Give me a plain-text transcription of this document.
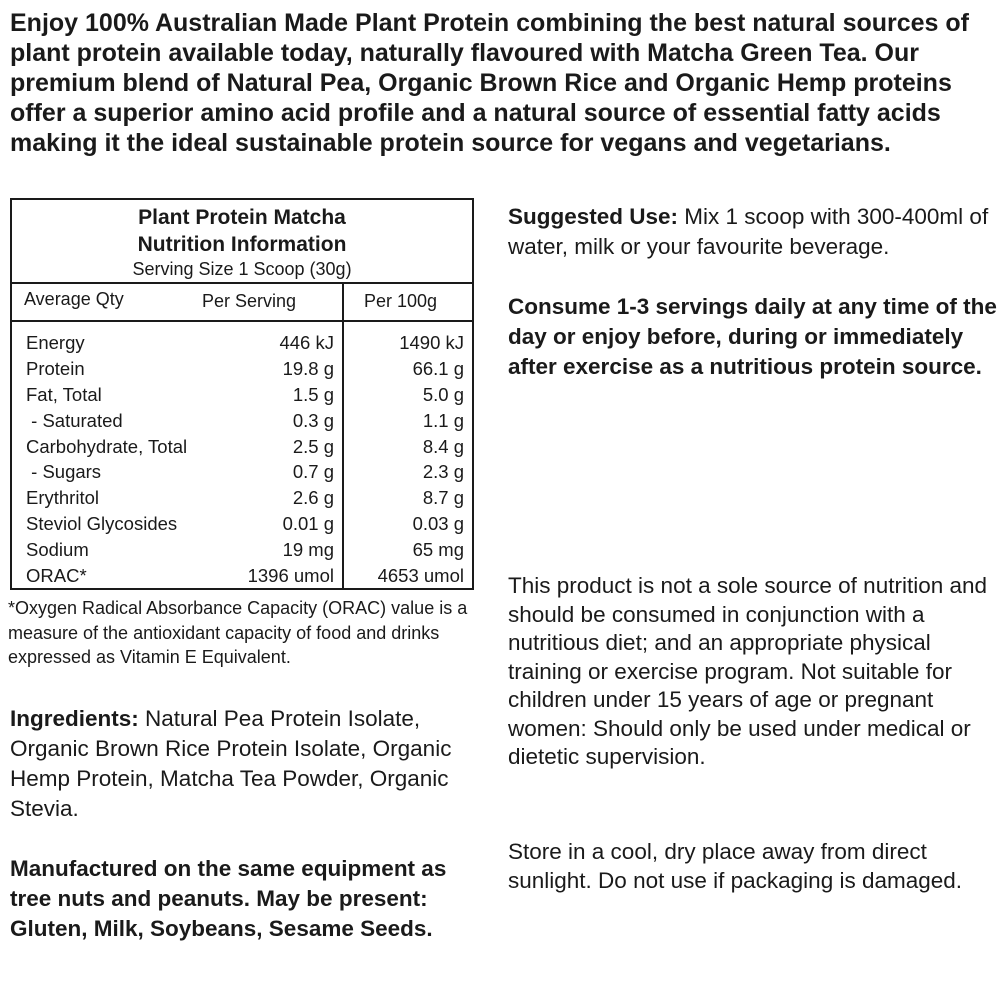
Enjoy 100% Australian Made Plant Protein combining the best natural sources of plant protein available today, naturally flavoured with Matcha Green Tea. Our premium blend of Natural Pea, Organic Brown Rice and Organic Hemp proteins offer a superior amino acid profile and a natural source of essential fatty acids making it the ideal sustainable protein source for vegans and vegetarians.

Plant Protein Matcha
Nutrition Information
Serving Size 1 Scoop (30g)
Average Qty	Per Serving	Per 100g
Energy	446 kJ	1490 kJ
Protein	19.8 g	66.1 g
Fat, Total	1.5 g	5.0 g
- Saturated	0.3 g	1.1 g
Carbohydrate, Total	2.5 g	8.4 g
- Sugars	0.7 g	2.3 g
Erythritol	2.6 g	8.7 g
Steviol Glycosides	0.01 g	0.03 g
Sodium	19 mg	65 mg
ORAC*	1396 umol 4653 umol

*Oxygen Radical Absorbance Capacity (ORAC) value is a measure of the antioxidant capacity of food and drinks expressed as Vitamin E Equivalent.

Ingredients: Natural Pea Protein Isolate, Organic Brown Rice Protein Isolate, Organic Hemp Protein, Matcha Tea Powder, Organic Stevia.

Manufactured on the same equipment as tree nuts and peanuts. May be present: Gluten, Milk, Soybeans, Sesame Seeds.

Suggested Use: Mix 1 scoop with 300-400ml of water, milk or your favourite beverage.

Consume 1-3 servings daily at any time of the day or enjoy before, during or immediately after exercise as a nutritious protein source.

This product is not a sole source of nutrition and should be consumed in conjunction with a nutritious diet; and an appropriate physical training or exercise program. Not suitable for children under 15 years of age or pregnant women: Should only be used under medical or dietetic supervision.

Store in a cool, dry place away from direct sunlight. Do not use if packaging is damaged.
